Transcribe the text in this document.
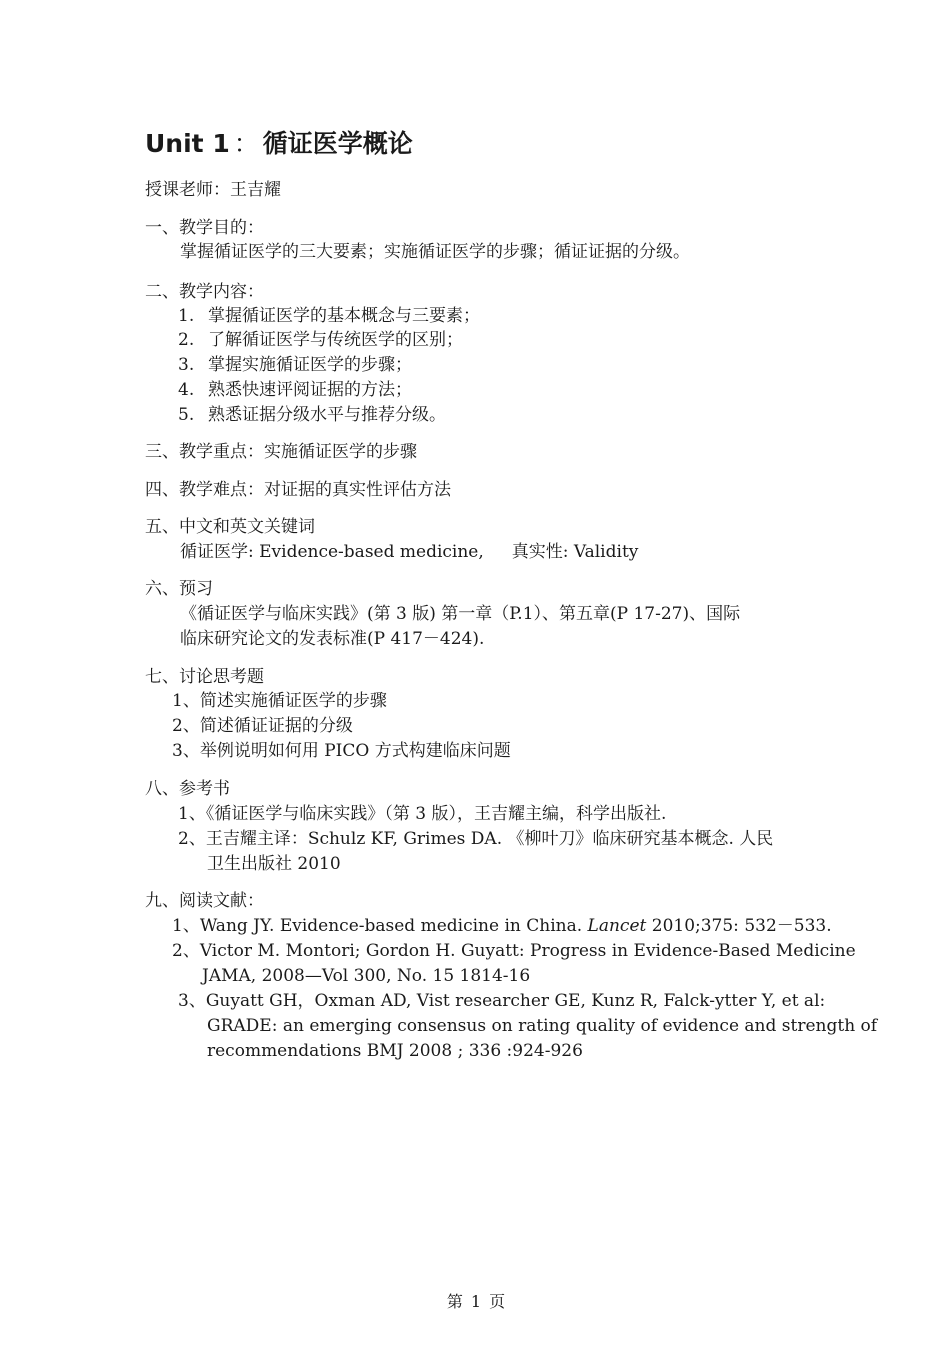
Unit 1 ： 循证医学概论
授课老师：王吉耀
一、教学目的：
掌握循证医学的三大要素；实施循证医学的步骤；循证证据的分级。
二、教学内容：
1. 掌握循证医学的基本概念与三要素；
2. 了解循证医学与传统医学的区别；
3. 掌握实施循证医学的步骤；
4. 熟悉快速评阅证据的方法；
5. 熟悉证据分级水平与推荐分级。
三、教学重点：实施循证医学的步骤
四、教学难点：对证据的真实性评估方法
五、中文和英文关键词
循证医学: Evidence-based medicine, 真实性: Validity
六、预习
《循证医学与临床实践》(第 3 版) 第一章（P.1）、第五章(P 17-27)、国际
临床研究论文的发表标准(P 417－424).
七、讨论思考题
1、简述实施循证医学的步骤
2、简述循证证据的分级
3、举例说明如何用 PICO 方式构建临床问题
八、参考书
1、《循证医学与临床实践》（第 3 版），王吉耀主编，科学出版社.
2、王吉耀主译：Schulz KF, Grimes DA. 《柳叶刀》临床研究基本概念. 人民
卫生出版社 2010
九、阅读文献：
1、Wang JY. Evidence-based medicine in China. Lancet 2010;375: 532－533.
2、Victor M. Montori; Gordon H. Guyatt: Progress in Evidence-Based Medicine
JAMA, 2008—Vol 300, No. 15 1814-16
3、Guyatt GH，Oxman AD, Vist researcher GE, Kunz R, Falck-ytter Y, et al:
GRADE: an emerging consensus on rating quality of evidence and strength of
recommendations BMJ 2008 ; 336 :924-926
第 1 页
